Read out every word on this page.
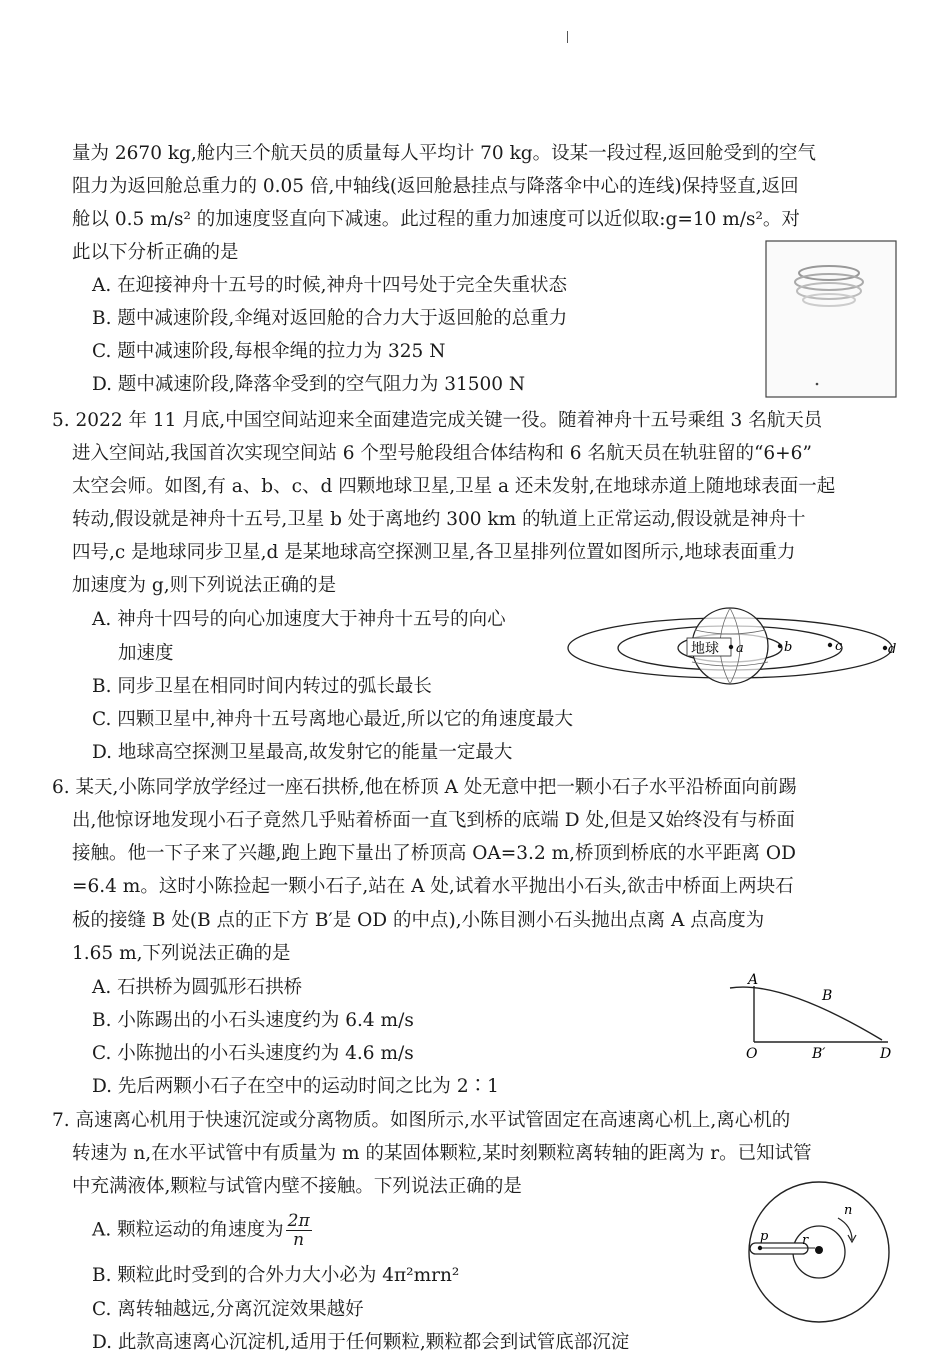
量为 2670 kg,舱内三个航天员的质量每人平均计 70 kg。设某一段过程,返回舱受到的空气
阻力为返回舱总重力的 0.05 倍,中轴线(返回舱悬挂点与降落伞中心的连线)保持竖直,返回
舱以 0.5 m/s² 的加速度竖直向下减速。此过程的重力加速度可以近似取:g=10 m/s²。对
此以下分析正确的是
A. 在迎接神舟十五号的时候,神舟十四号处于完全失重状态
B. 题中减速阶段,伞绳对返回舱的合力大于返回舱的总重力
C. 题中减速阶段,每根伞绳的拉力为 325 N
D. 题中减速阶段,降落伞受到的空气阻力为 31500 N
5. 2022 年 11 月底,中国空间站迎来全面建造完成关键一役。随着神舟十五号乘组 3 名航天员
进入空间站,我国首次实现空间站 6 个型号舱段组合体结构和 6 名航天员在轨驻留的“6+6”
太空会师。如图,有 a、b、c、d 四颗地球卫星,卫星 a 还未发射,在地球赤道上随地球表面一起
转动,假设就是神舟十五号,卫星 b 处于离地约 300 km 的轨道上正常运动,假设就是神舟十
四号,c 是地球同步卫星,d 是某地球高空探测卫星,各卫星排列位置如图所示,地球表面重力
加速度为 g,则下列说法正确的是
A. 神舟十四号的向心加速度大于神舟十五号的向心
加速度
B. 同步卫星在相同时间内转过的弧长最长
C. 四颗卫星中,神舟十五号离地心最近,所以它的角速度最大
D. 地球高空探测卫星最高,故发射它的能量一定最大
地球 a	b	c	d
6. 某天,小陈同学放学经过一座石拱桥,他在桥顶 A 处无意中把一颗小石子水平沿桥面向前踢
出,他惊讶地发现小石子竟然几乎贴着桥面一直飞到桥的底端 D 处,但是又始终没有与桥面
接触。他一下子来了兴趣,跑上跑下量出了桥顶高 OA=3.2 m,桥顶到桥底的水平距离 OD
=6.4 m。这时小陈捡起一颗小石子,站在 A 处,试着水平抛出小石头,欲击中桥面上两块石
板的接缝 B 处(B 点的正下方 B′是 OD 的中点),小陈目测小石头抛出点离 A 点高度为
1.65 m,下列说法正确的是
A. 石拱桥为圆弧形石拱桥
B. 小陈踢出的小石头速度约为 6.4 m/s
C. 小陈抛出的小石头速度约为 4.6 m/s
D. 先后两颗小石子在空中的运动时间之比为 2∶1
A
B
O	B′	D
7. 高速离心机用于快速沉淀或分离物质。如图所示,水平试管固定在高速离心机上,离心机的
转速为 n,在水平试管中有质量为 m 的某固体颗粒,某时刻颗粒离转轴的距离为 r。已知试管
中充满液体,颗粒与试管内壁不接触。下列说法正确的是
A. 颗粒运动的角速度为 $\frac{2\pi}{n}$
B. 颗粒此时受到的合外力大小必为 4π²mrn²
C. 离转轴越远,分离沉淀效果越好
D. 此款高速离心沉淀机,适用于任何颗粒,颗粒都会到试管底部沉淀
p	r
n
